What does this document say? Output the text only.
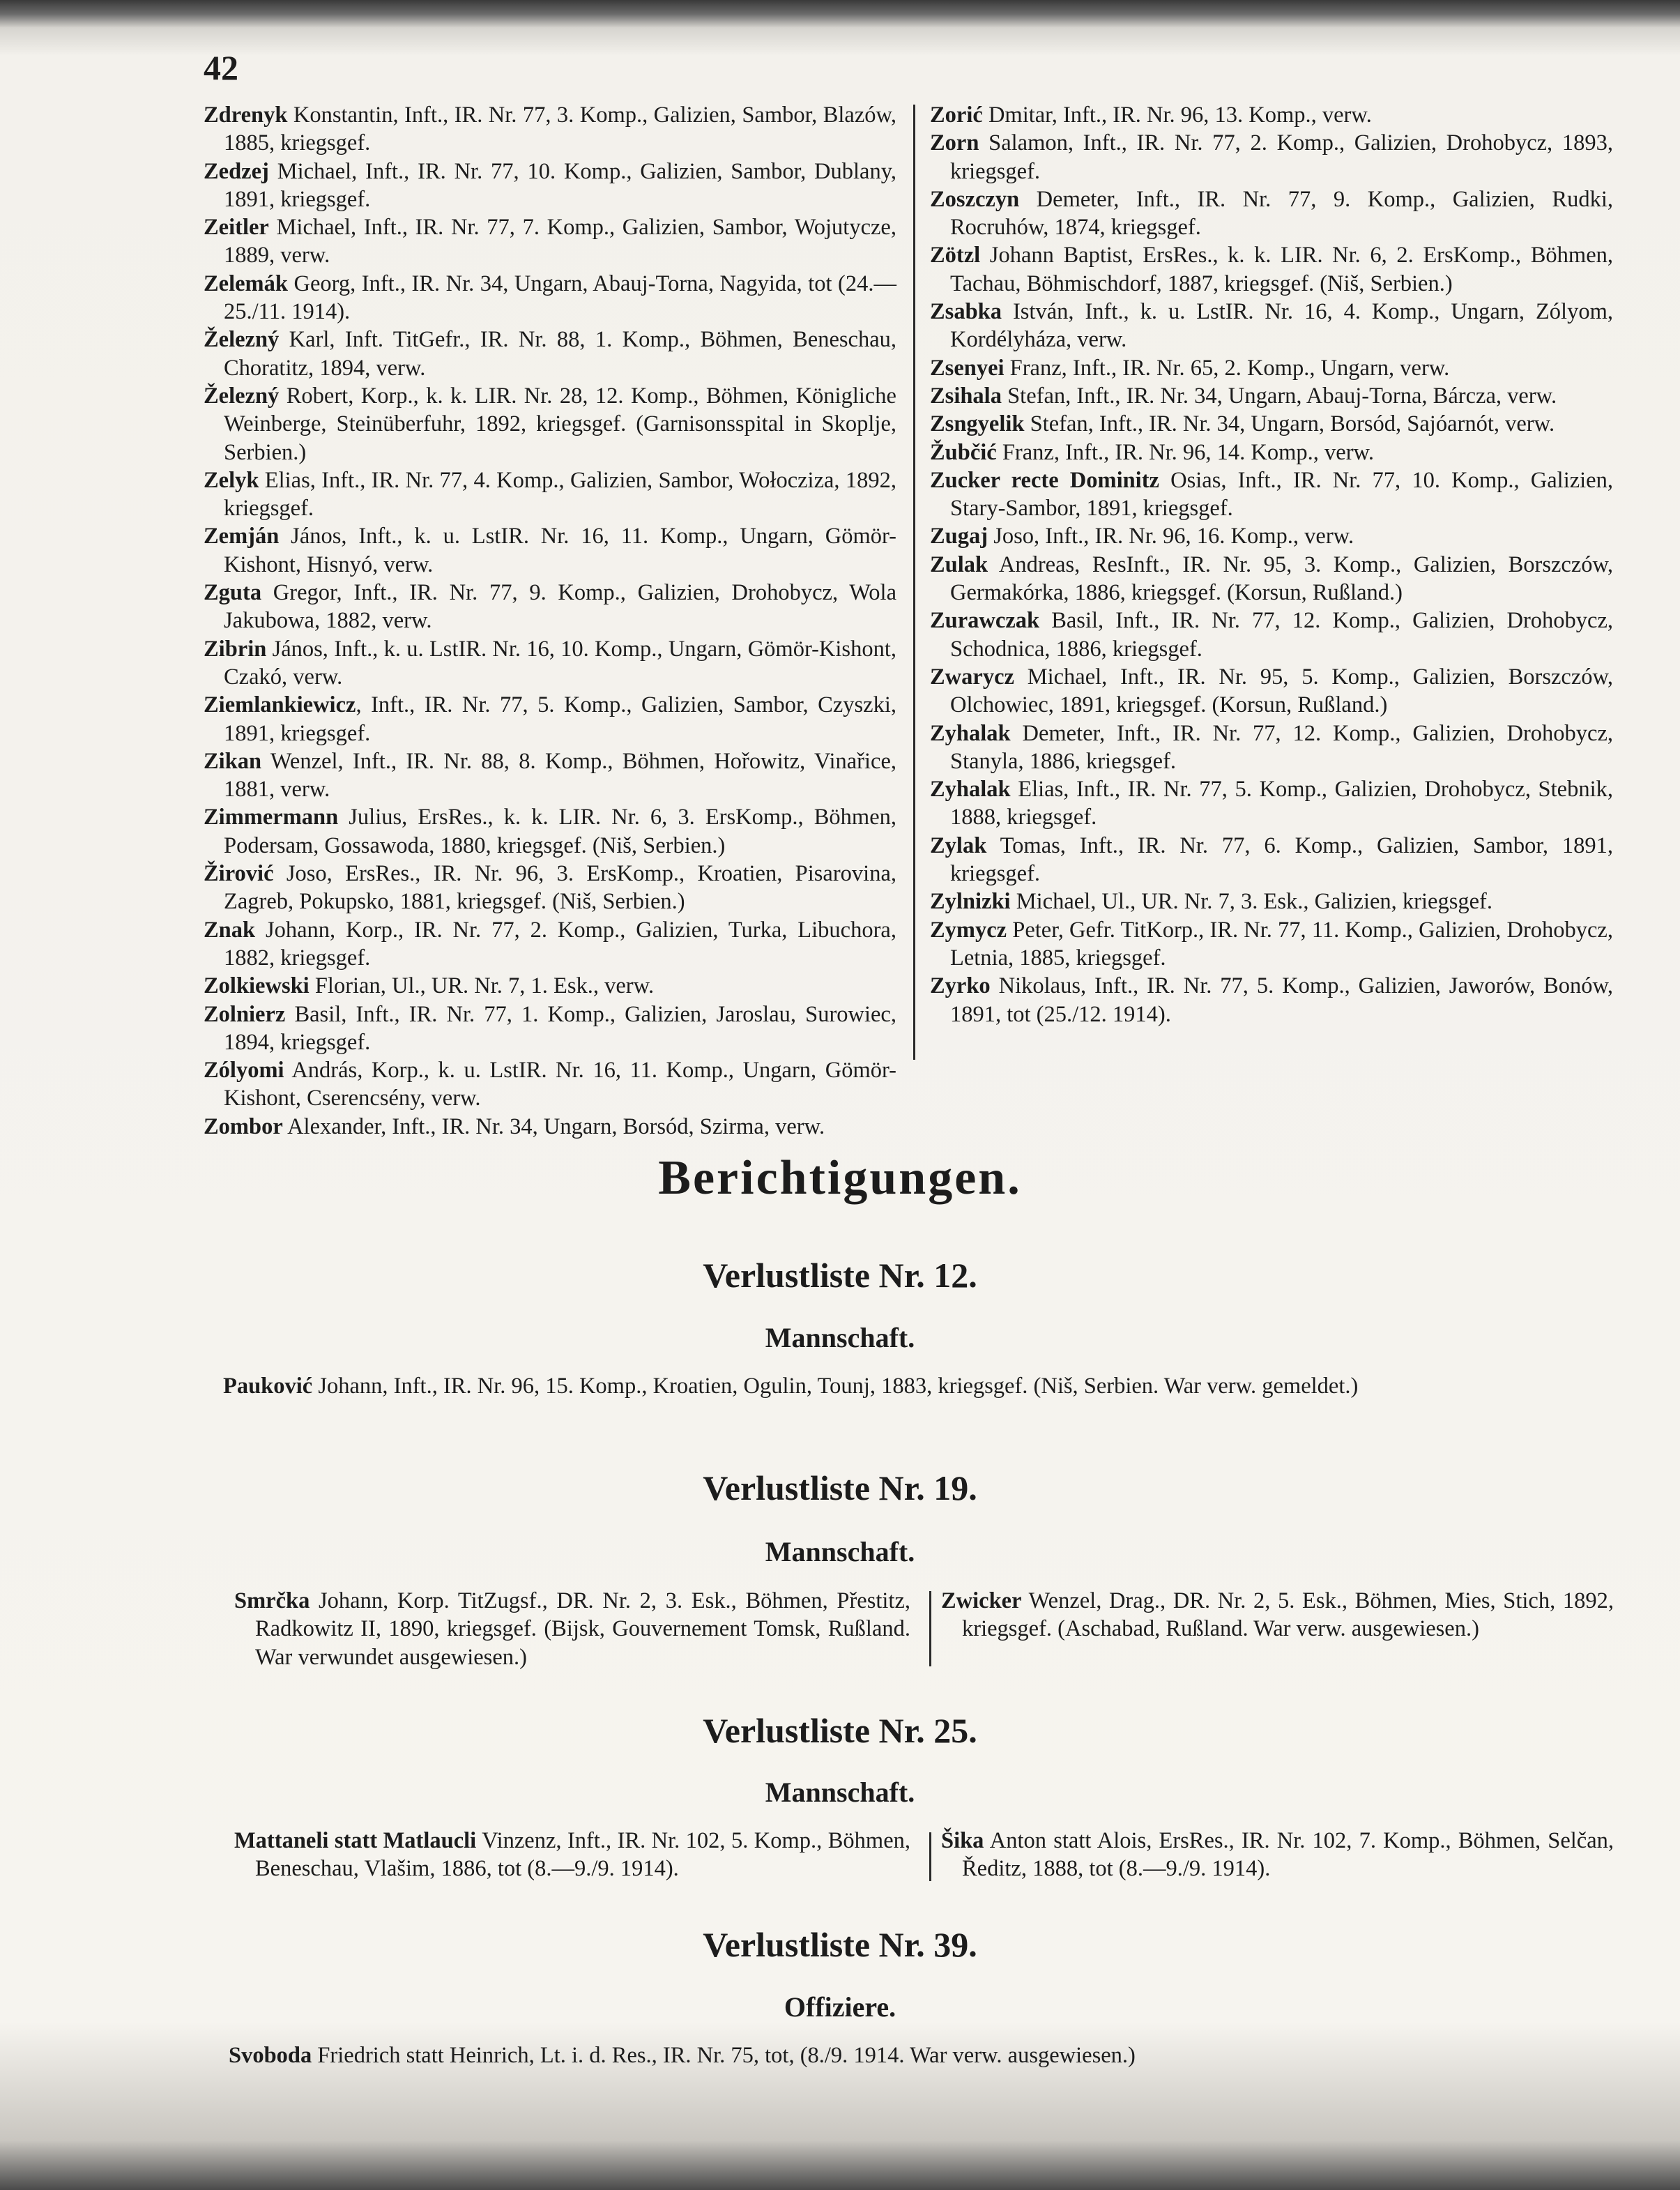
42
Zdrenyk Konstantin, Inft., IR. Nr. 77, 3. Komp., Galizien, Sambor, Blazów, 1885, kriegsgef.
Zedzej Michael, Inft., IR. Nr. 77, 10. Komp., Galizien, Sambor, Dublany, 1891, kriegsgef.
Zeitler Michael, Inft., IR. Nr. 77, 7. Komp., Galizien, Sambor, Wojutycze, 1889, verw.
Zelemák Georg, Inft., IR. Nr. 34, Ungarn, Abauj-Torna, Nagyida, tot (24.—25./11. 1914).
Železný Karl, Inft. TitGefr., IR. Nr. 88, 1. Komp., Böhmen, Beneschau, Choratitz, 1894, verw.
Železný Robert, Korp., k. k. LIR. Nr. 28, 12. Komp., Böhmen, Königliche Weinberge, Steinüberfuhr, 1892, kriegsgef. (Garnisonsspital in Skoplje, Serbien.)
Zelyk Elias, Inft., IR. Nr. 77, 4. Komp., Galizien, Sambor, Wołocziza, 1892, kriegsgef.
Zemján János, Inft., k. u. LstIR. Nr. 16, 11. Komp., Ungarn, Gömör-Kishont, Hisnyó, verw.
Zguta Gregor, Inft., IR. Nr. 77, 9. Komp., Galizien, Drohobycz, Wola Jakubowa, 1882, verw.
Zibrin János, Inft., k. u. LstIR. Nr. 16, 10. Komp., Ungarn, Gömör-Kishont, Czakó, verw.
Ziemlankiewicz, Inft., IR. Nr. 77, 5. Komp., Galizien, Sambor, Czyszki, 1891, kriegsgef.
Zikan Wenzel, Inft., IR. Nr. 88, 8. Komp., Böhmen, Hořowitz, Vinařice, 1881, verw.
Zimmermann Julius, ErsRes., k. k. LIR. Nr. 6, 3. ErsKomp., Böhmen, Podersam, Gossawoda, 1880, kriegsgef. (Niš, Serbien.)
Žirović Joso, ErsRes., IR. Nr. 96, 3. ErsKomp., Kroatien, Pisarovina, Zagreb, Pokupsko, 1881, kriegsgef. (Niš, Serbien.)
Znak Johann, Korp., IR. Nr. 77, 2. Komp., Galizien, Turka, Libuchora, 1882, kriegsgef.
Zolkiewski Florian, Ul., UR. Nr. 7, 1. Esk., verw.
Zolnierz Basil, Inft., IR. Nr. 77, 1. Komp., Galizien, Jaroslau, Surowiec, 1894, kriegsgef.
Zólyomi András, Korp., k. u. LstIR. Nr. 16, 11. Komp., Ungarn, Gömör-Kishont, Cserencsény, verw.
Zombor Alexander, Inft., IR. Nr. 34, Ungarn, Borsód, Szirma, verw.
Zorić Dmitar, Inft., IR. Nr. 96, 13. Komp., verw.
Zorn Salamon, Inft., IR. Nr. 77, 2. Komp., Galizien, Drohobycz, 1893, kriegsgef.
Zoszczyn Demeter, Inft., IR. Nr. 77, 9. Komp., Galizien, Rudki, Rocruhów, 1874, kriegsgef.
Zötzl Johann Baptist, ErsRes., k. k. LIR. Nr. 6, 2. ErsKomp., Böhmen, Tachau, Böhmischdorf, 1887, kriegsgef. (Niš, Serbien.)
Zsabka István, Inft., k. u. LstIR. Nr. 16, 4. Komp., Ungarn, Zólyom, Kordélyháza, verw.
Zsenyei Franz, Inft., IR. Nr. 65, 2. Komp., Ungarn, verw.
Zsihala Stefan, Inft., IR. Nr. 34, Ungarn, Abauj-Torna, Bárcza, verw.
Zsngyelik Stefan, Inft., IR. Nr. 34, Ungarn, Borsód, Sajóarnót, verw.
Žubčić Franz, Inft., IR. Nr. 96, 14. Komp., verw.
Zucker recte Dominitz Osias, Inft., IR. Nr. 77, 10. Komp., Galizien, Stary-Sambor, 1891, kriegsgef.
Zugaj Joso, Inft., IR. Nr. 96, 16. Komp., verw.
Zulak Andreas, ResInft., IR. Nr. 95, 3. Komp., Galizien, Borszczów, Germakórka, 1886, kriegsgef. (Korsun, Rußland.)
Zurawczak Basil, Inft., IR. Nr. 77, 12. Komp., Galizien, Drohobycz, Schodnica, 1886, kriegsgef.
Zwarycz Michael, Inft., IR. Nr. 95, 5. Komp., Galizien, Borszczów, Olchowiec, 1891, kriegsgef. (Korsun, Rußland.)
Zyhalak Demeter, Inft., IR. Nr. 77, 12. Komp., Galizien, Drohobycz, Stanyla, 1886, kriegsgef.
Zyhalak Elias, Inft., IR. Nr. 77, 5. Komp., Galizien, Drohobycz, Stebnik, 1888, kriegsgef.
Zylak Tomas, Inft., IR. Nr. 77, 6. Komp., Galizien, Sambor, 1891, kriegsgef.
Zylnizki Michael, Ul., UR. Nr. 7, 3. Esk., Galizien, kriegsgef.
Zymycz Peter, Gefr. TitKorp., IR. Nr. 77, 11. Komp., Galizien, Drohobycz, Letnia, 1885, kriegsgef.
Zyrko Nikolaus, Inft., IR. Nr. 77, 5. Komp., Galizien, Jaworów, Bonów, 1891, tot (25./12. 1914).
Berichtigungen.
Verlustliste Nr. 12.
Mannschaft.
Pauković Johann, Inft., IR. Nr. 96, 15. Komp., Kroatien, Ogulin, Tounj, 1883, kriegsgef. (Niš, Serbien. War verw. gemeldet.)
Verlustliste Nr. 19.
Mannschaft.
Smrčka Johann, Korp. TitZugsf., DR. Nr. 2, 3. Esk., Böhmen, Přestitz, Radkowitz II, 1890, kriegsgef. (Bijsk, Gouvernement Tomsk, Rußland. War verwundet ausgewiesen.)
Zwicker Wenzel, Drag., DR. Nr. 2, 5. Esk., Böhmen, Mies, Stich, 1892, kriegsgef. (Aschabad, Rußland. War verw. ausgewiesen.)
Verlustliste Nr. 25.
Mannschaft.
Mattaneli statt Matlaucli Vinzenz, Inft., IR. Nr. 102, 5. Komp., Böhmen, Beneschau, Vlašim, 1886, tot (8.—9./9. 1914).
Šika Anton statt Alois, ErsRes., IR. Nr. 102, 7. Komp., Böhmen, Selčan, Ředitz, 1888, tot (8.—9./9. 1914).
Verlustliste Nr. 39.
Offiziere.
Svoboda Friedrich statt Heinrich, Lt. i. d. Res., IR. Nr. 75, tot, (8./9. 1914. War verw. ausgewiesen.)
